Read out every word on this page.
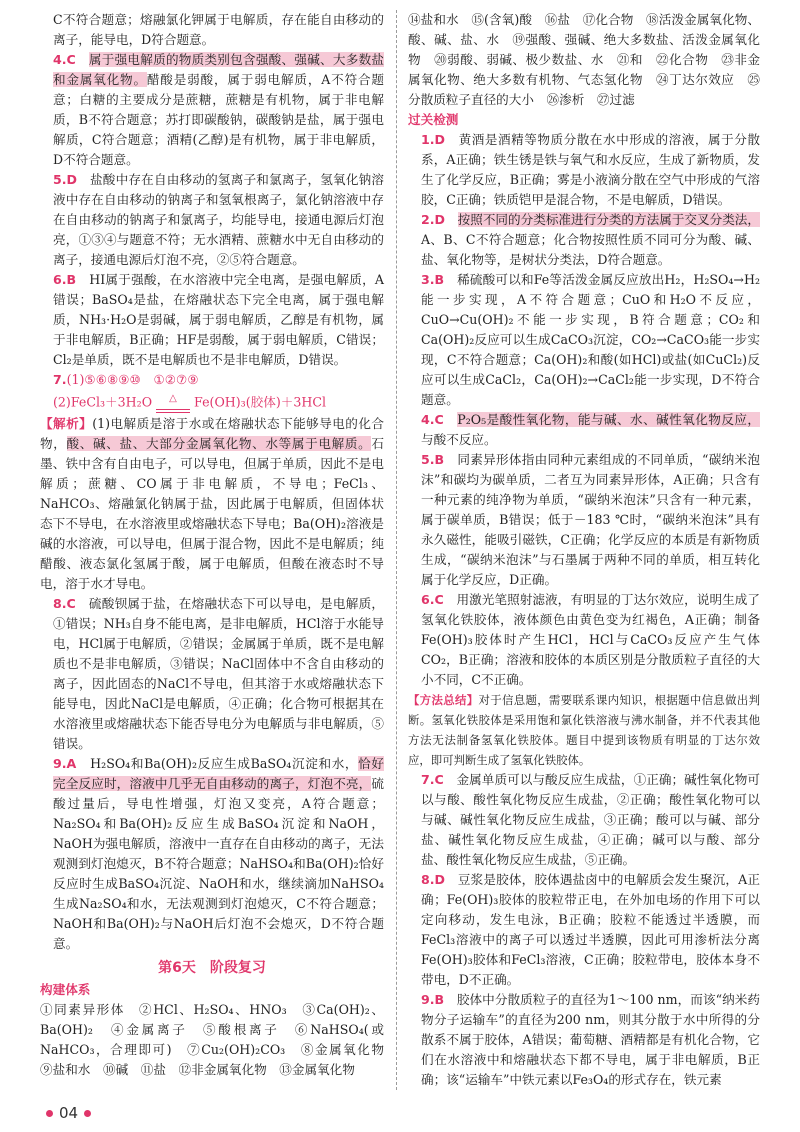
C不符合题意；熔融氯化钾属于电解质，存在能自由移动的离子，能导电，D符合题意。

4.C　 属于强电解质的物质类别包含强酸、强碱、大多数盐和金属氧化物。醋酸是弱酸，属于弱电解质，A不符合题意；白糖的主要成分是蔗糖，蔗糖是有机物，属于非电解质，B不符合题意；苏打即碳酸钠，碳酸钠是盐，属于强电解质，C符合题意；酒精(乙醇)是有机物，属于非电解质，D不符合题意。

5.D　 盐酸中存在自由移动的氢离子和氯离子，氢氧化钠溶液中存在自由移动的钠离子和氢氧根离子，氯化钠溶液中存在自由移动的钠离子和氯离子，均能导电，接通电源后灯泡亮，①③④与题意不符；无水酒精、蔗糖水中无自由移动的离子，接通电源后灯泡不亮，②⑤符合题意。

6.B　 HI属于强酸，在水溶液中完全电离，是强电解质，A错误；BaSO₄是盐，在熔融状态下完全电离，属于强电解质，NH₃·H₂O是弱碱，属于弱电解质，乙醇是有机物，属于非电解质，B正确；HF是弱酸，属于弱电解质，C错误；Cl₂是单质，既不是电解质也不是非电解质，D错误。

7.(1)⑤⑥⑧⑨⑩　 ①②⑦⑨

(2)FeCl₃＋3H₂O △ Fe(OH)₃(胶体)＋3HCl

【解析】(1)电解质是溶于水或在熔融状态下能够导电的化合物，酸、碱、盐、大部分金属氧化物、水等属于电解质。石墨、铁中含有自由电子，可以导电，但属于单质，因此不是电解质；蔗糖、CO属于非电解质，不导电；FeCl₃、NaHCO₃、熔融氯化钠属于盐，因此属于电解质，但固体状态下不导电，在水溶液里或熔融状态下导电；Ba(OH)₂溶液是碱的水溶液，可以导电，但属于混合物，因此不是电解质；纯醋酸、液态氯化氢属于酸，属于电解质，但酸在液态时不导电，溶于水才导电。

8.C　 硫酸钡属于盐，在熔融状态下可以导电，是电解质，①错误；NH₃自身不能电离，是非电解质，HCl溶于水能导电，HCl属于电解质，②错误；金属属于单质，既不是电解质也不是非电解质，③错误；NaCl固体中不含自由移动的离子，因此固态的NaCl不导电，但其溶于水或熔融状态下能导电，因此NaCl是电解质，④正确；化合物可根据其在水溶液里或熔融状态下能否导电分为电解质与非电解质，⑤错误。

9.A　 H₂SO₄和Ba(OH)₂反应生成BaSO₄沉淀和水，恰好完全反应时，溶液中几乎无自由移动的离子，灯泡不亮，硫酸过量后，导电性增强，灯泡又变亮，A符合题意；Na₂SO₄和Ba(OH)₂反应生成BaSO₄沉淀和NaOH，NaOH为强电解质，溶液中一直存在自由移动的离子，无法观测到灯泡熄灭，B不符合题意；NaHSO₄和Ba(OH)₂恰好反应时生成BaSO₄沉淀、NaOH和水，继续滴加NaHSO₄生成Na₂SO₄和水，无法观测到灯泡熄灭，C不符合题意；NaOH和Ba(OH)₂与NaOH后灯泡不会熄灭，D不符合题意。

第6天　阶段复习
构建体系

①同素异形体　②HCl、H₂SO₄、HNO₃　③Ca(OH)₂、Ba(OH)₂　④金属离子　⑤酸根离子　⑥NaHSO₄(或NaHCO₃，合理即可)　⑦Cu₂(OH)₂CO₃　⑧金属氧化物　⑨盐和水　⑩碱　⑪盐　⑫非金属氧化物　⑬金属氧化物

⑭盐和水　⑮(含氧)酸　⑯盐　⑰化合物　⑱活泼金属氧化物、酸、碱、盐、水　⑲强酸、强碱、绝大多数盐、活泼金属氧化物　⑳弱酸、弱碱、极少数盐、水　㉑和　㉒化合物　㉓非金属氧化物、绝大多数有机物、气态氢化物　㉔丁达尔效应　㉕分散质粒子直径的大小　㉖渗析　㉗过滤

过关检测

1.D　 黄酒是酒精等物质分散在水中形成的溶液，属于分散系，A正确；铁生锈是铁与氧气和水反应，生成了新物质，发生了化学反应，B正确；雾是小液滴分散在空气中形成的气溶胶，C正确；铁质铠甲是混合物，不是电解质，D错误。

2.D　 按照不同的分类标准进行分类的方法属于交叉分类法，A、B、C不符合题意；化合物按照性质不同可分为酸、碱、盐、氧化物等，是树状分类法，D符合题意。

3.B　 稀硫酸可以和Fe等活泼金属反应放出H₂，H₂SO₄→H₂能一步实现，A不符合题意；CuO和H₂O不反应，CuO→Cu(OH)₂不能一步实现，B符合题意；CO₂和Ca(OH)₂反应可以生成CaCO₃沉淀，CO₂→CaCO₃能一步实现，C不符合题意；Ca(OH)₂和酸(如HCl)或盐(如CuCl₂)反应可以生成CaCl₂，Ca(OH)₂→CaCl₂能一步实现，D不符合题意。

4.C　 P₂O₅是酸性氧化物，能与碱、水、碱性氧化物反应，与酸不反应。

5.B　 同素异形体指由同种元素组成的不同单质，“碳纳米泡沫”和碳均为碳单质，二者互为同素异形体，A正确；只含有一种元素的纯净物为单质，“碳纳米泡沫”只含有一种元素，属于碳单质，B错误；低于－183 ℃时，“碳纳米泡沫”具有永久磁性，能吸引磁铁，C正确；化学反应的本质是有新物质生成，“碳纳米泡沫”与石墨属于两种不同的单质，相互转化属于化学反应，D正确。

6.C　 用激光笔照射滤液，有明显的丁达尔效应，说明生成了氢氧化铁胶体，液体颜色由黄色变为红褐色，A正确；制备Fe(OH)₃胶体时产生HCl，HCl与CaCO₃反应产生气体CO₂，B正确；溶液和胶体的本质区别是分散质粒子直径的大小不同，C不正确。

【方法总结】对于信息题，需要联系课内知识，根据题中信息做出判断。氢氧化铁胶体是采用饱和氯化铁溶液与沸水制备，并不代表其他方法无法制备氢氧化铁胶体。题目中提到该物质有明显的丁达尔效应，即可判断生成了氢氧化铁胶体。

7.C　 金属单质可以与酸反应生成盐，①正确；碱性氧化物可以与酸、酸性氧化物反应生成盐，②正确；酸性氧化物可以与碱、碱性氧化物反应生成盐，③正确；酸可以与碱、部分盐、碱性氧化物反应生成盐，④正确；碱可以与酸、部分盐、酸性氧化物反应生成盐，⑤正确。

8.D　 豆浆是胶体，胶体遇盐卤中的电解质会发生聚沉，A正确；Fe(OH)₃胶体的胶粒带正电，在外加电场的作用下可以定向移动，发生电泳，B正确；胶粒不能透过半透膜，而FeCl₃溶液中的离子可以透过半透膜，因此可用渗析法分离Fe(OH)₃胶体和FeCl₃溶液，C正确；胶粒带电，胶体本身不带电，D不正确。

9.B　 胶体中分散质粒子的直径为1～100 nm，而该“纳米药物分子运输车”的直径为200 nm，则其分散于水中所得的分散系不属于胶体，A错误；葡萄糖、酒精都是有机化合物，它们在水溶液中和熔融状态下都不导电，属于非电解质，B正确；该“运输车”中铁元素以Fe₃O₄的形式存在，铁元素

04
